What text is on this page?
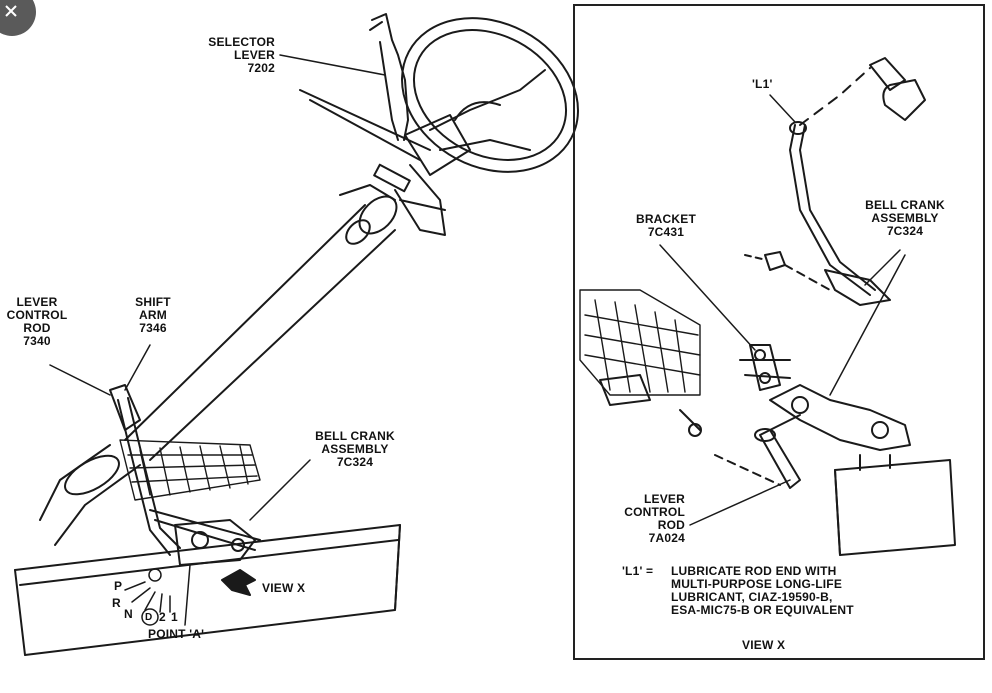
SELECTOR
LEVER
7202
LEVER
CONTROL
ROD
7340
SHIFT
ARM
7346
BELL CRANK
ASSEMBLY
7C324
VIEW X
POINT 'A'
P
R
N D 2 1
'L1'
BRACKET
7C431
BELL CRANK
ASSEMBLY
7C324
LEVER
CONTROL
ROD
7A024
'L1' = LUBRICATE ROD END WITH
MULTI-PURPOSE LONG-LIFE
LUBRICANT, CIAZ-19590-B,
ESA-MIC75-B OR EQUIVALENT
VIEW X
